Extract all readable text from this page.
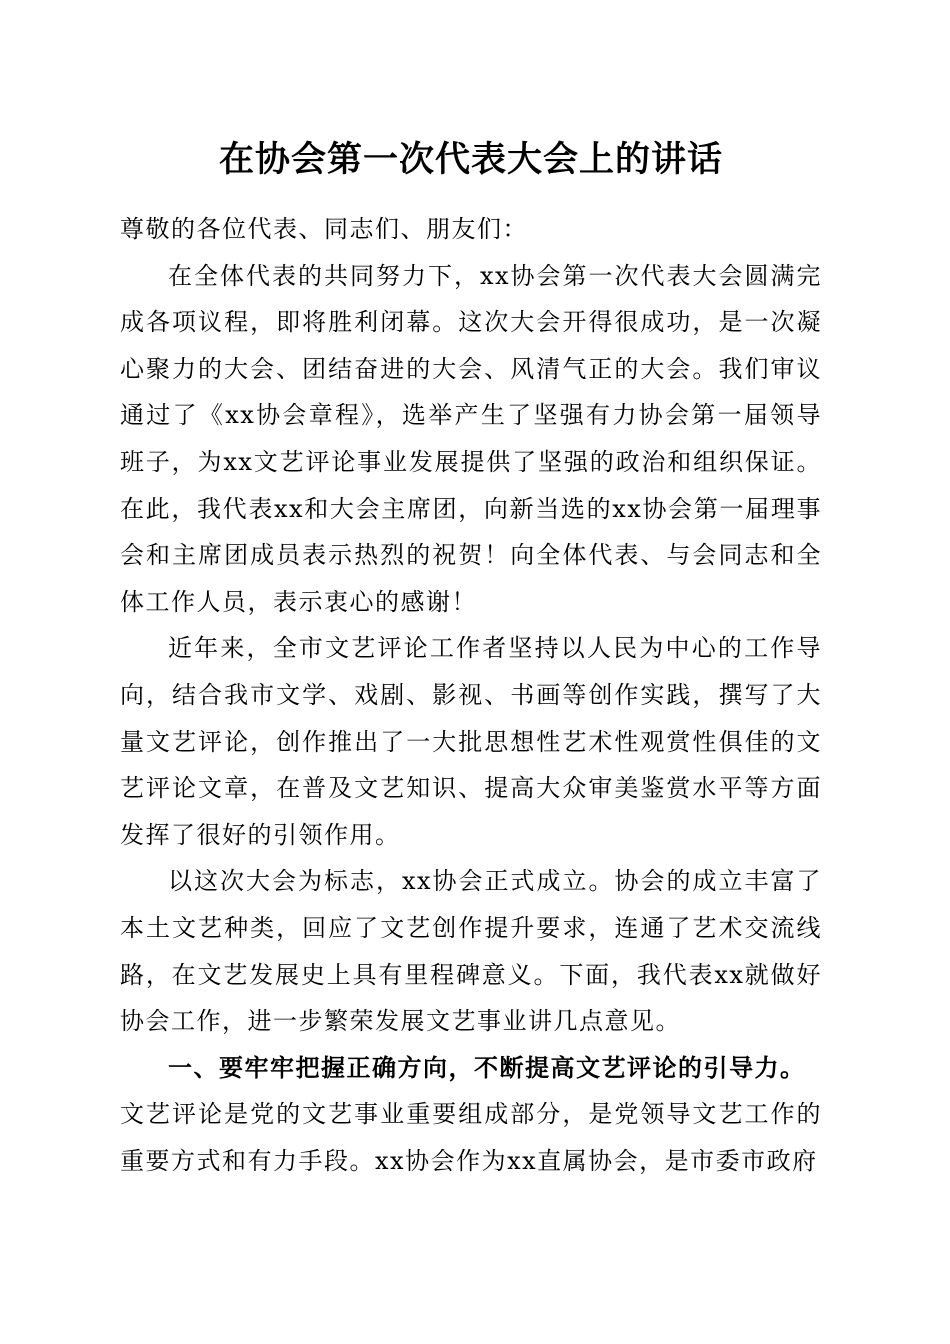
在协会第一次代表大会上的讲话

尊敬的各位代表、同志们、朋友们：

在全体代表的共同努力下，xx协会第一次代表大会圆满完成各项议程，即将胜利闭幕。这次大会开得很成功，是一次凝心聚力的大会、团结奋进的大会、风清气正的大会。我们审议通过了《xx协会章程》，选举产生了坚强有力协会第一届领导班子，为xx文艺评论事业发展提供了坚强的政治和组织保证。在此，我代表xx和大会主席团，向新当选的xx协会第一届理事会和主席团成员表示热烈的祝贺！向全体代表、与会同志和全体工作人员，表示衷心的感谢！

近年来，全市文艺评论工作者坚持以人民为中心的工作导向，结合我市文学、戏剧、影视、书画等创作实践，撰写了大量文艺评论，创作推出了一大批思想性艺术性观赏性俱佳的文艺评论文章，在普及文艺知识、提高大众审美鉴赏水平等方面发挥了很好的引领作用。

以这次大会为标志，xx协会正式成立。协会的成立丰富了本土文艺种类，回应了文艺创作提升要求，连通了艺术交流线路，在文艺发展史上具有里程碑意义。下面，我代表xx就做好协会工作，进一步繁荣发展文艺事业讲几点意见。

一、要牢牢把握正确方向，不断提高文艺评论的引导力。

文艺评论是党的文艺事业重要组成部分，是党领导文艺工作的重要方式和有力手段。xx协会作为xx直属协会，是市委市政府
